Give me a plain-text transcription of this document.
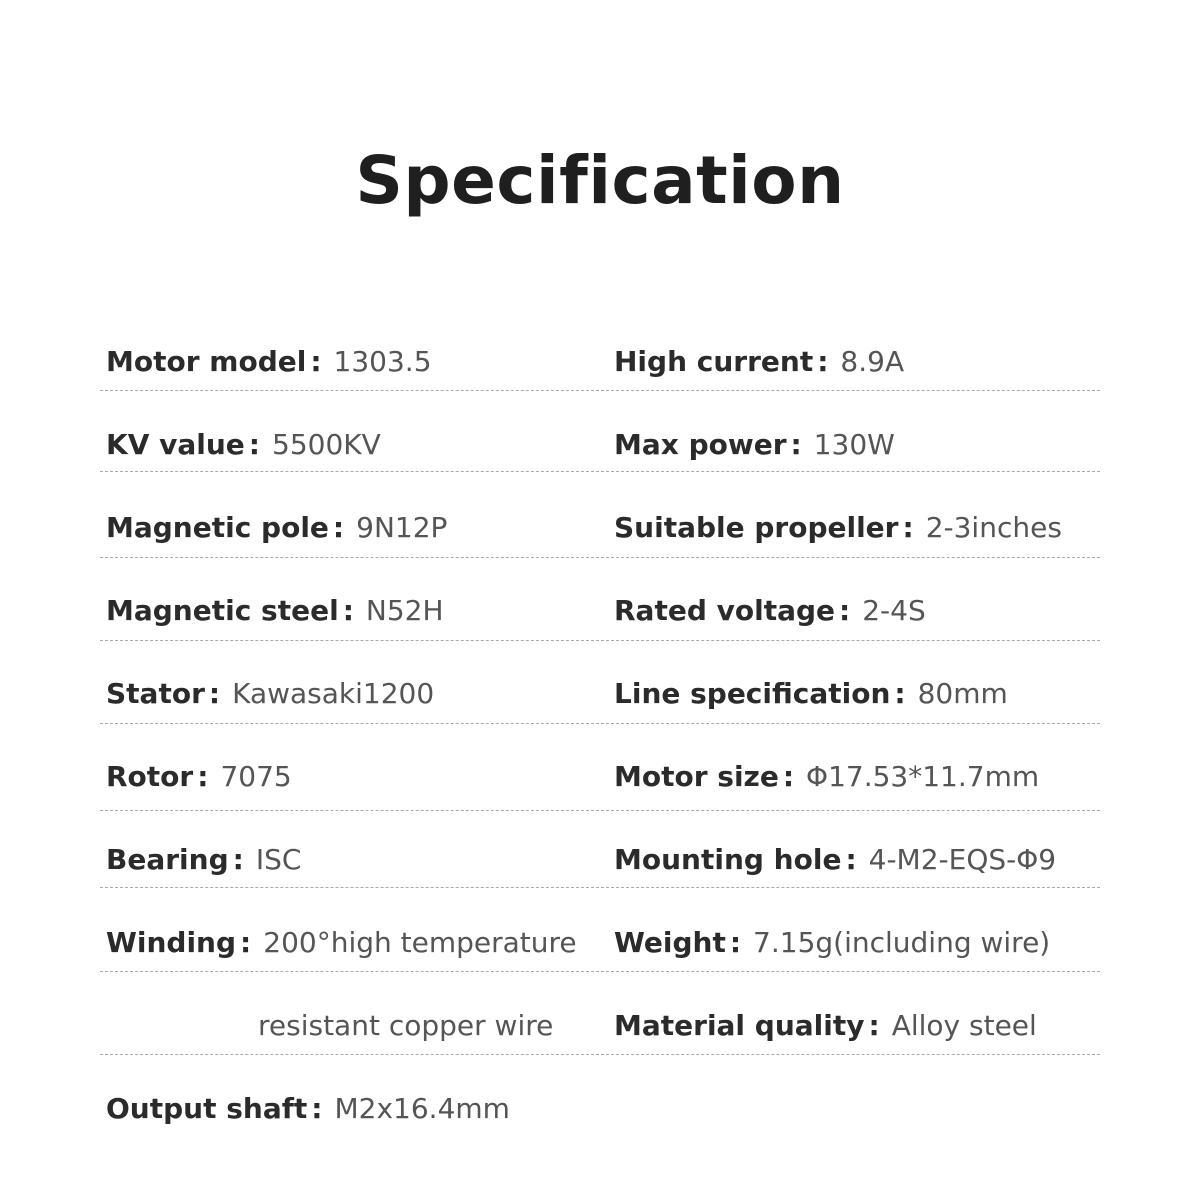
Specification
Motor model : 1303.5
KV value : 5500KV
Magnetic pole : 9N12P
Magnetic steel : N52H
Stator : Kawasaki1200
Rotor : 7075
Bearing : ISC
Winding : 200°high temperature
resistant copper wire
Output shaft : M2x16.4mm
High current : 8.9A
Max power : 130W
Suitable propeller : 2-3inches
Rated voltage : 2-4S
Line specification : 80mm
Motor size : Φ17.53*11.7mm
Mounting hole : 4-M2-EQS-Φ9
Weight : 7.15g(including wire)
Material quality : Alloy steel
